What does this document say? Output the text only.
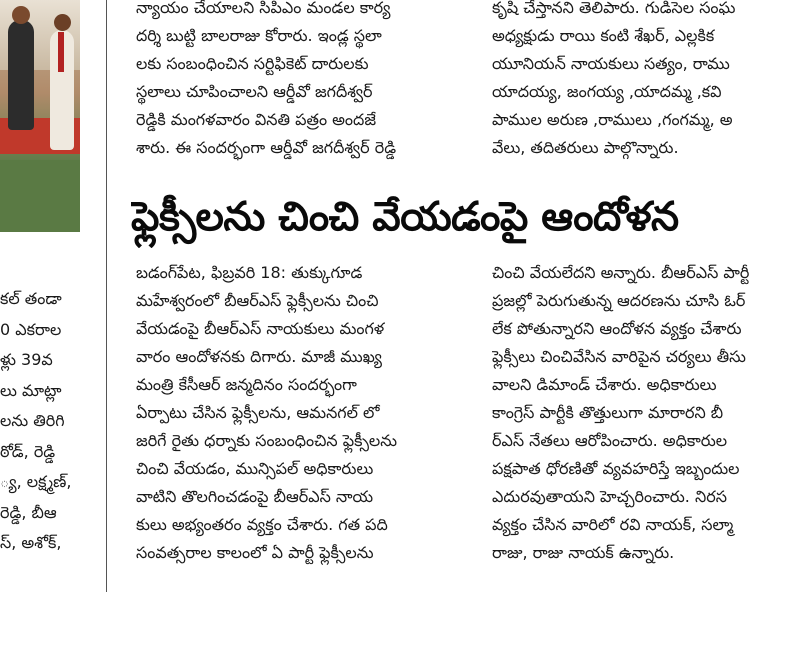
కల్ తండా
0 ఎకరాల
ళ్లు 39వ
లు మాట్లా
లను తిరిగి
ఠోడ్, రెడ్డి
్య, లక్ష్మణ్,
రెడ్డి, బీఆ
స్, అశోక్,
న్యాయం చేయాలని సిపిఎం మండల కార్య
దర్శి బుట్టి బాలరాజు కోరారు. ఇండ్ల స్థలా
లకు సంబంధించిన సర్టిఫికెట్ దారులకు
స్థలాలు చూపించాలని ఆర్డీవో జగదీశ్వర్
రెడ్డికి మంగళవారం వినతి పత్రం అందజే
శారు. ఈ సందర్భంగా ఆర్డీవో జగదీశ్వర్ రెడ్డి
కృషి చేస్తానని తెలిపారు. గుడిసెల సంఘ
అధ్యక్షుడు రాయి కంటి శేఖర్, ఎల్లకిక
యూనియన్ నాయకులు సత్యం, రాము
యాదయ్య, జంగయ్య ,యాదమ్మ ,కవి
పాముల అరుణ ,రాములు ,గంగమ్మ, అ
వేలు, తదితరులు పాల్గొన్నారు.
ఫ్లెక్సీలను చించి వేయడంపై ఆందోళన
బడంగ్‌పేట, ఫిబ్రవరి 18: తుక్కుగూడ
మహేశ్వరంలో బీఆర్ఎస్ ఫ్లెక్సీలను చించి
వేయడంపై బీఆర్ఎస్ నాయకులు మంగళ
వారం ఆందోళనకు దిగారు. మాజీ ముఖ్య
మంత్రి కేసీఆర్ జన్మదినం సందర్భంగా
ఏర్పాటు చేసిన ఫ్లెక్సీలను, ఆమనగల్ లో
జరిగే రైతు ధర్నాకు సంబంధించిన ఫ్లెక్సీలను
చించి వేయడం, మున్సిపల్ అధికారులు
వాటిని తొలగించడంపై బీఆర్ఎస్ నాయ
కులు అభ్యంతరం వ్యక్తం చేశారు. గత పది
సంవత్సరాల కాలంలో ఏ పార్టీ ఫ్లెక్సీలను
చించి వేయలేదని అన్నారు. బీఆర్ఎస్ పార్టీ
ప్రజల్లో పెరుగుతున్న ఆదరణను చూసి ఓర్
లేక పోతున్నారని ఆందోళన వ్యక్తం చేశారు
ఫ్లెక్సీలు చించివేసిన వారిపైన చర్యలు తీసు
వాలని డిమాండ్ చేశారు. అధికారులు
కాంగ్రెస్ పార్టీకి తొత్తులుగా మారారని బీ
ర్ఎస్ నేతలు ఆరోపించారు. అధికారుల
పక్షపాత ధోరణితో వ్యవహరిస్తే ఇబ్బందుల
ఎదురవుతాయని హెచ్చరించారు. నిరస
వ్యక్తం చేసిన వారిలో రవి నాయక్, సల్మా
రాజు, రాజు నాయక్ ఉన్నారు.
